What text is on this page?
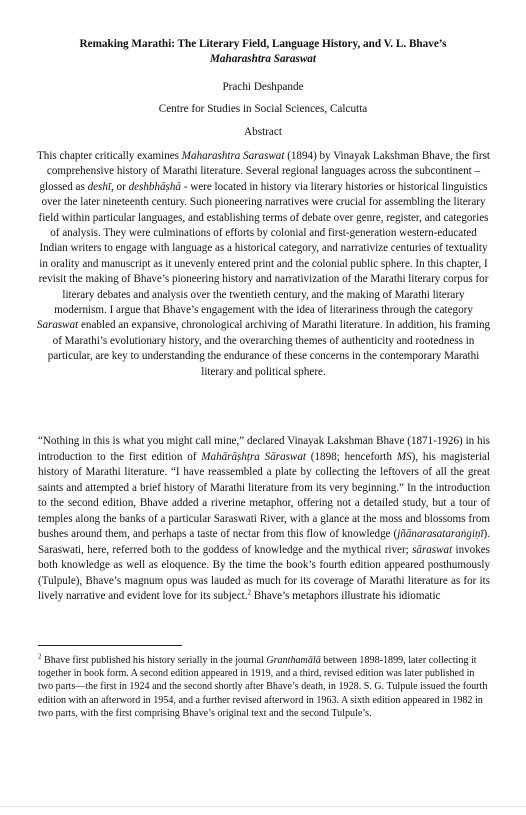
Remaking Marathi: The Literary Field, Language History, and V. L. Bhave’s
Maharashtra Saraswat
Prachi Deshpande
Centre for Studies in Social Sciences, Calcutta
Abstract
This chapter critically examines Maharashtra Saraswat (1894) by Vinayak Lakshman Bhave, the first comprehensive history of Marathi literature. Several regional languages across the subcontinent – glossed as deshī, or deshbhāṣhā - were located in history via literary histories or historical linguistics over the later nineteenth century. Such pioneering narratives were crucial for assembling the literary field within particular languages, and establishing terms of debate over genre, register, and categories of analysis. They were culminations of efforts by colonial and first-generation western-educated Indian writers to engage with language as a historical category, and narrativize centuries of textuality in orality and manuscript as it unevenly entered print and the colonial public sphere. In this chapter, I revisit the making of Bhave’s pioneering history and narrativization of the Marathi literary corpus for literary debates and analysis over the twentieth century, and the making of Marathi literary modernism. I argue that Bhave’s engagement with the idea of literariness through the category Saraswat enabled an expansive, chronological archiving of Marathi literature. In addition, his framing of Marathi’s evolutionary history, and the overarching themes of authenticity and rootedness in particular, are key to understanding the endurance of these concerns in the contemporary Marathi literary and political sphere.

“Nothing in this is what you might call mine,” declared Vinayak Lakshman Bhave (1871-1926) in his introduction to the first edition of Mahārāṣhṭra Sāraswat (1898; henceforth MS), his magisterial history of Marathi literature. “I have reassembled a plate by collecting the leftovers of all the great saints and attempted a brief history of Marathi literature from its very beginning.” In the introduction to the second edition, Bhave added a riverine metaphor, offering not a detailed study, but a tour of temples along the banks of a particular Saraswati River, with a glance at the moss and blossoms from bushes around them, and perhaps a taste of nectar from this flow of knowledge (jñānarasataraṅgiṇī). Saraswati, here, referred both to the goddess of knowledge and the mythical river; sāraswat invokes both knowledge as well as eloquence. By the time the book’s fourth edition appeared posthumously (Tulpule), Bhave’s magnum opus was lauded as much for its coverage of Marathi literature as for its lively narrative and evident love for its subject.$^2$ Bhave’s metaphors illustrate his idiomatic

$^2$ Bhave first published his history serially in the journal Granthamālā between 1898-1899, later collecting it together in book form. A second edition appeared in 1919, and a third, revised edition was later published in two parts—the first in 1924 and the second shortly after Bhave’s death, in 1928. S. G. Tulpule issued the fourth edition with an afterword in 1954, and a further revised afterword in 1963. A sixth edition appeared in 1982 in two parts, with the first comprising Bhave’s original text and the second Tulpule’s.
